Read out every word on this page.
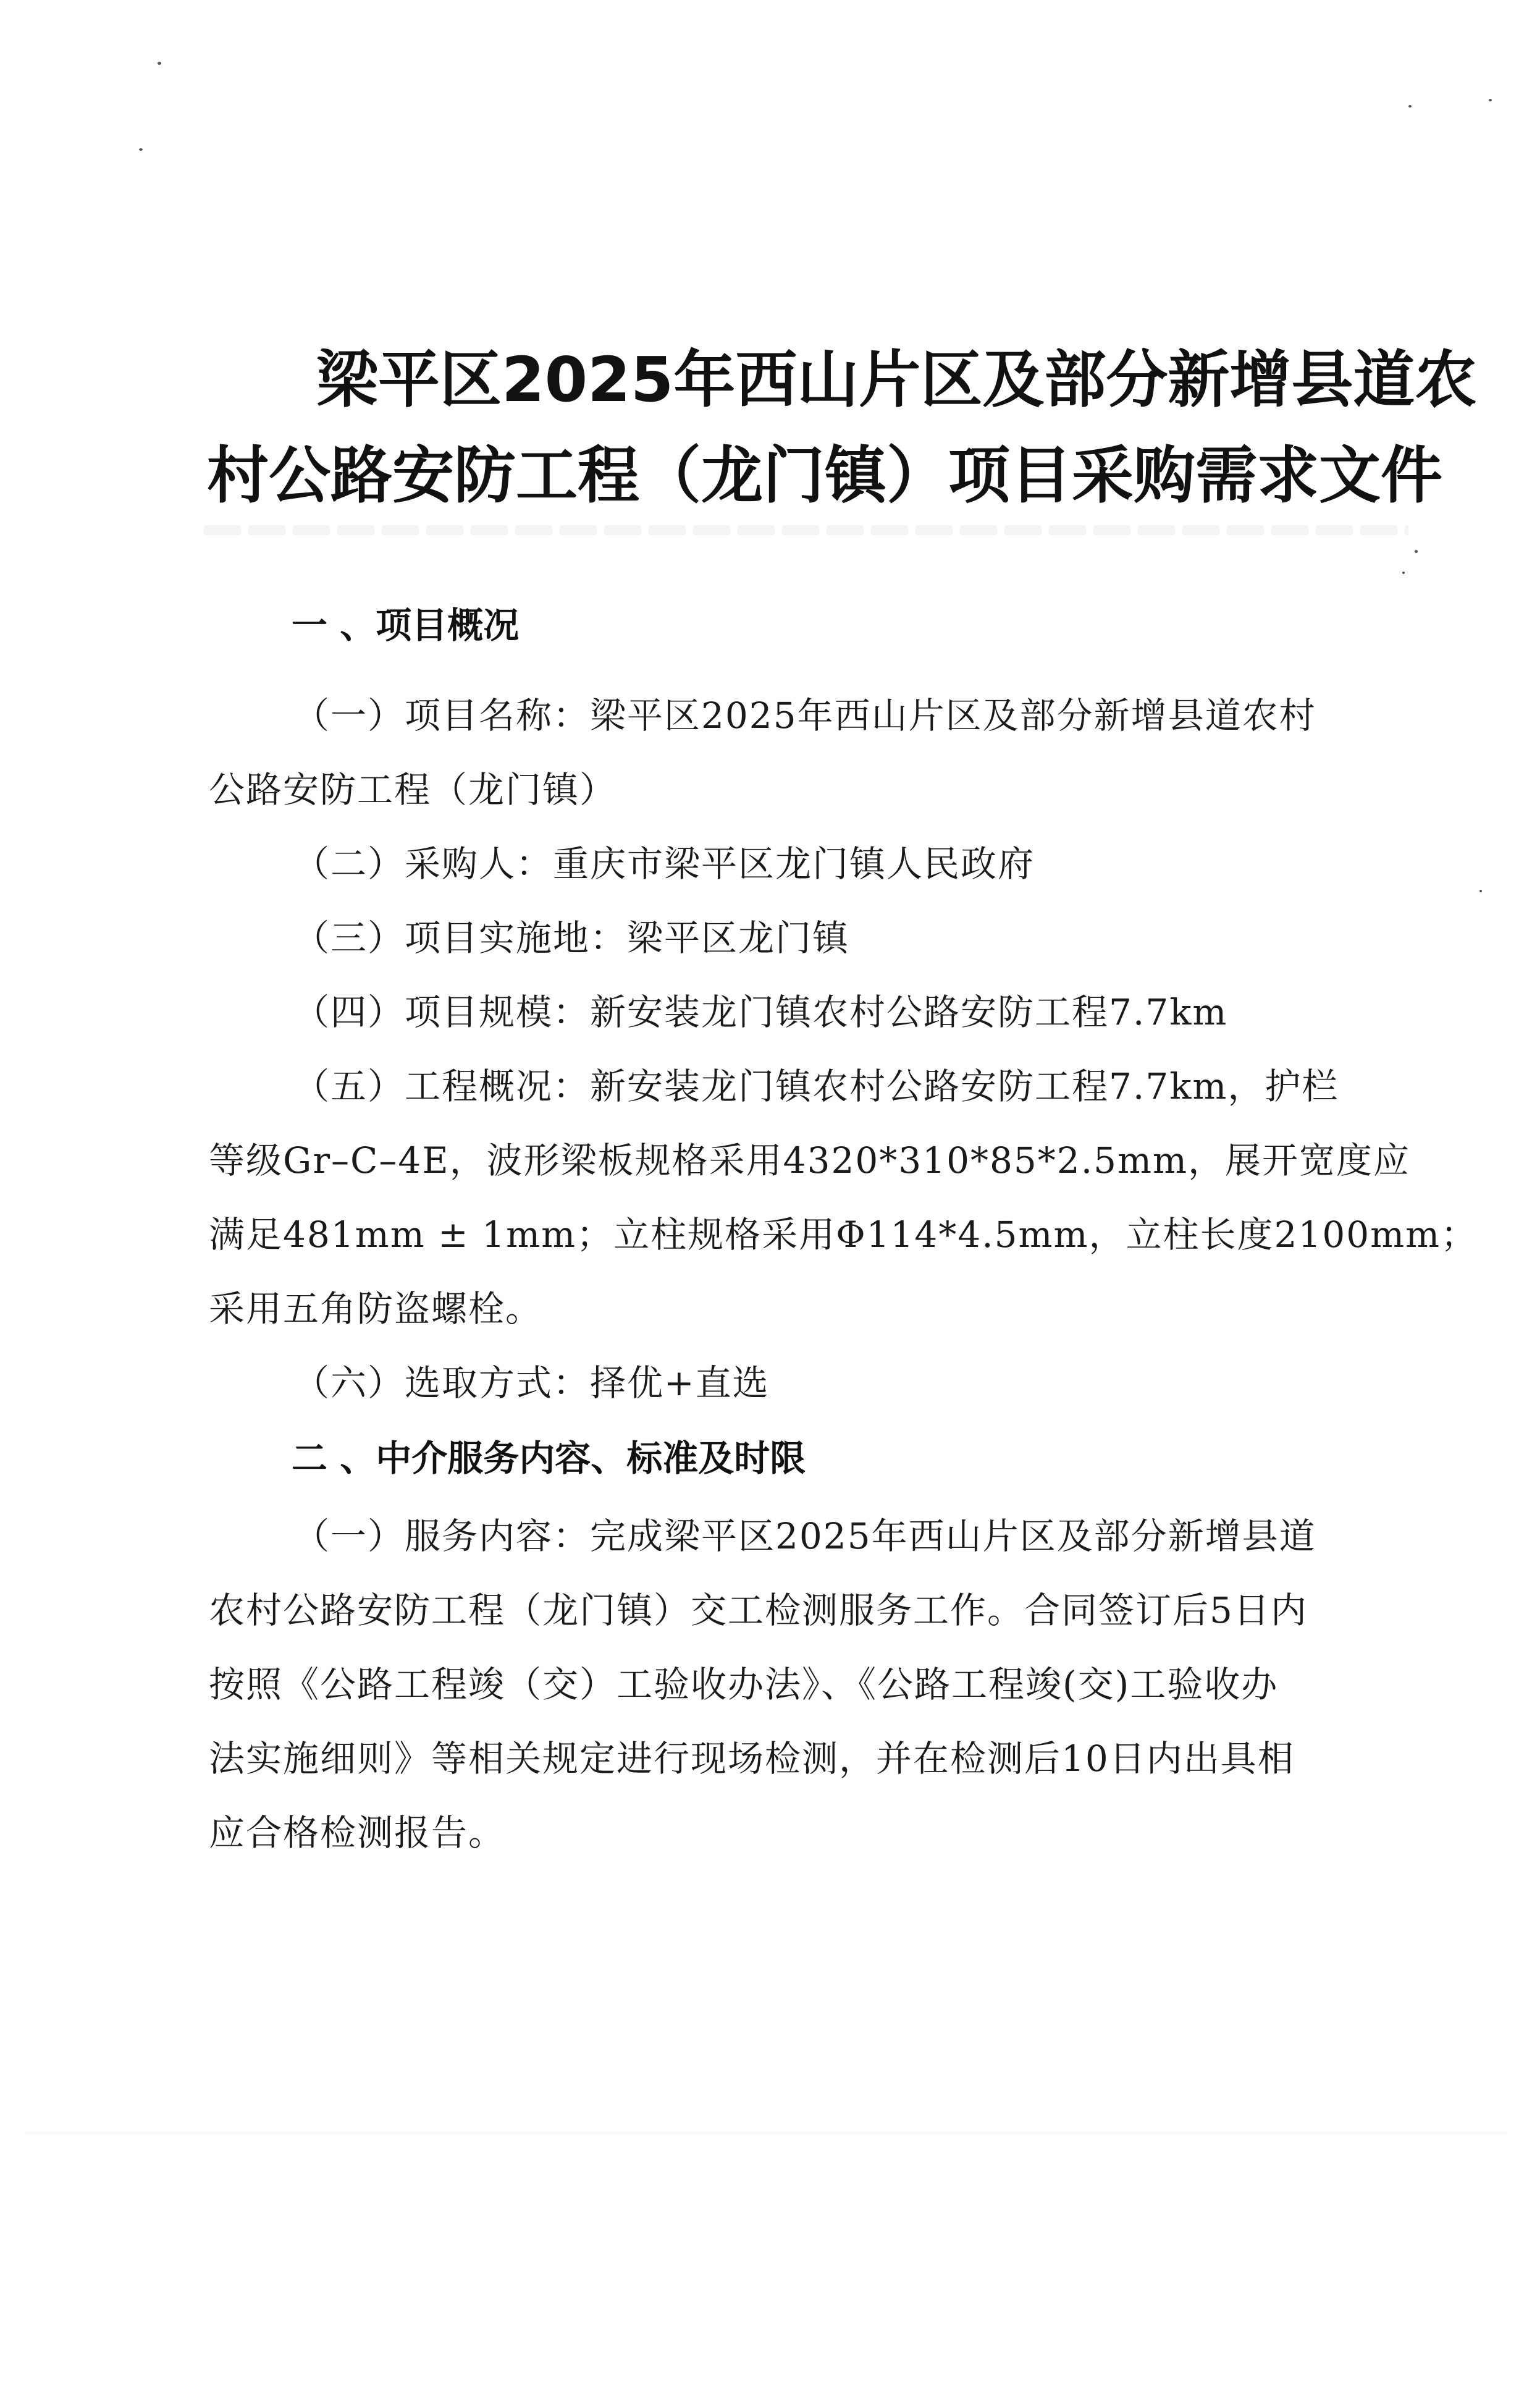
梁平区2025年西山片区及部分新增县道农
村公路安防工程（龙门镇）项目采购需求文件
一 、项目概况
（一）项目名称：梁平区2025年西山片区及部分新增县道农村
公路安防工程（龙门镇）
（二）采购人：重庆市梁平区龙门镇人民政府
（三）项目实施地：梁平区龙门镇
（四）项目规模：新安装龙门镇农村公路安防工程7.7km
（五）工程概况：新安装龙门镇农村公路安防工程7.7km，护栏
等级Gr–C–4E，波形梁板规格采用4320*310*85*2.5mm，展开宽度应
满足481mm ± 1mm；立柱规格采用Φ114*4.5mm，立柱长度2100mm；
采用五角防盗螺栓。
（六）选取方式：择优+直选
二 、中介服务内容、标准及时限
（一）服务内容：完成梁平区2025年西山片区及部分新增县道
农村公路安防工程（龙门镇）交工检测服务工作。合同签订后5日内
按照《公路工程竣（交）工验收办法》、《公路工程竣(交)工验收办
法实施细则》等相关规定进行现场检测，并在检测后10日内出具相
应合格检测报告。
